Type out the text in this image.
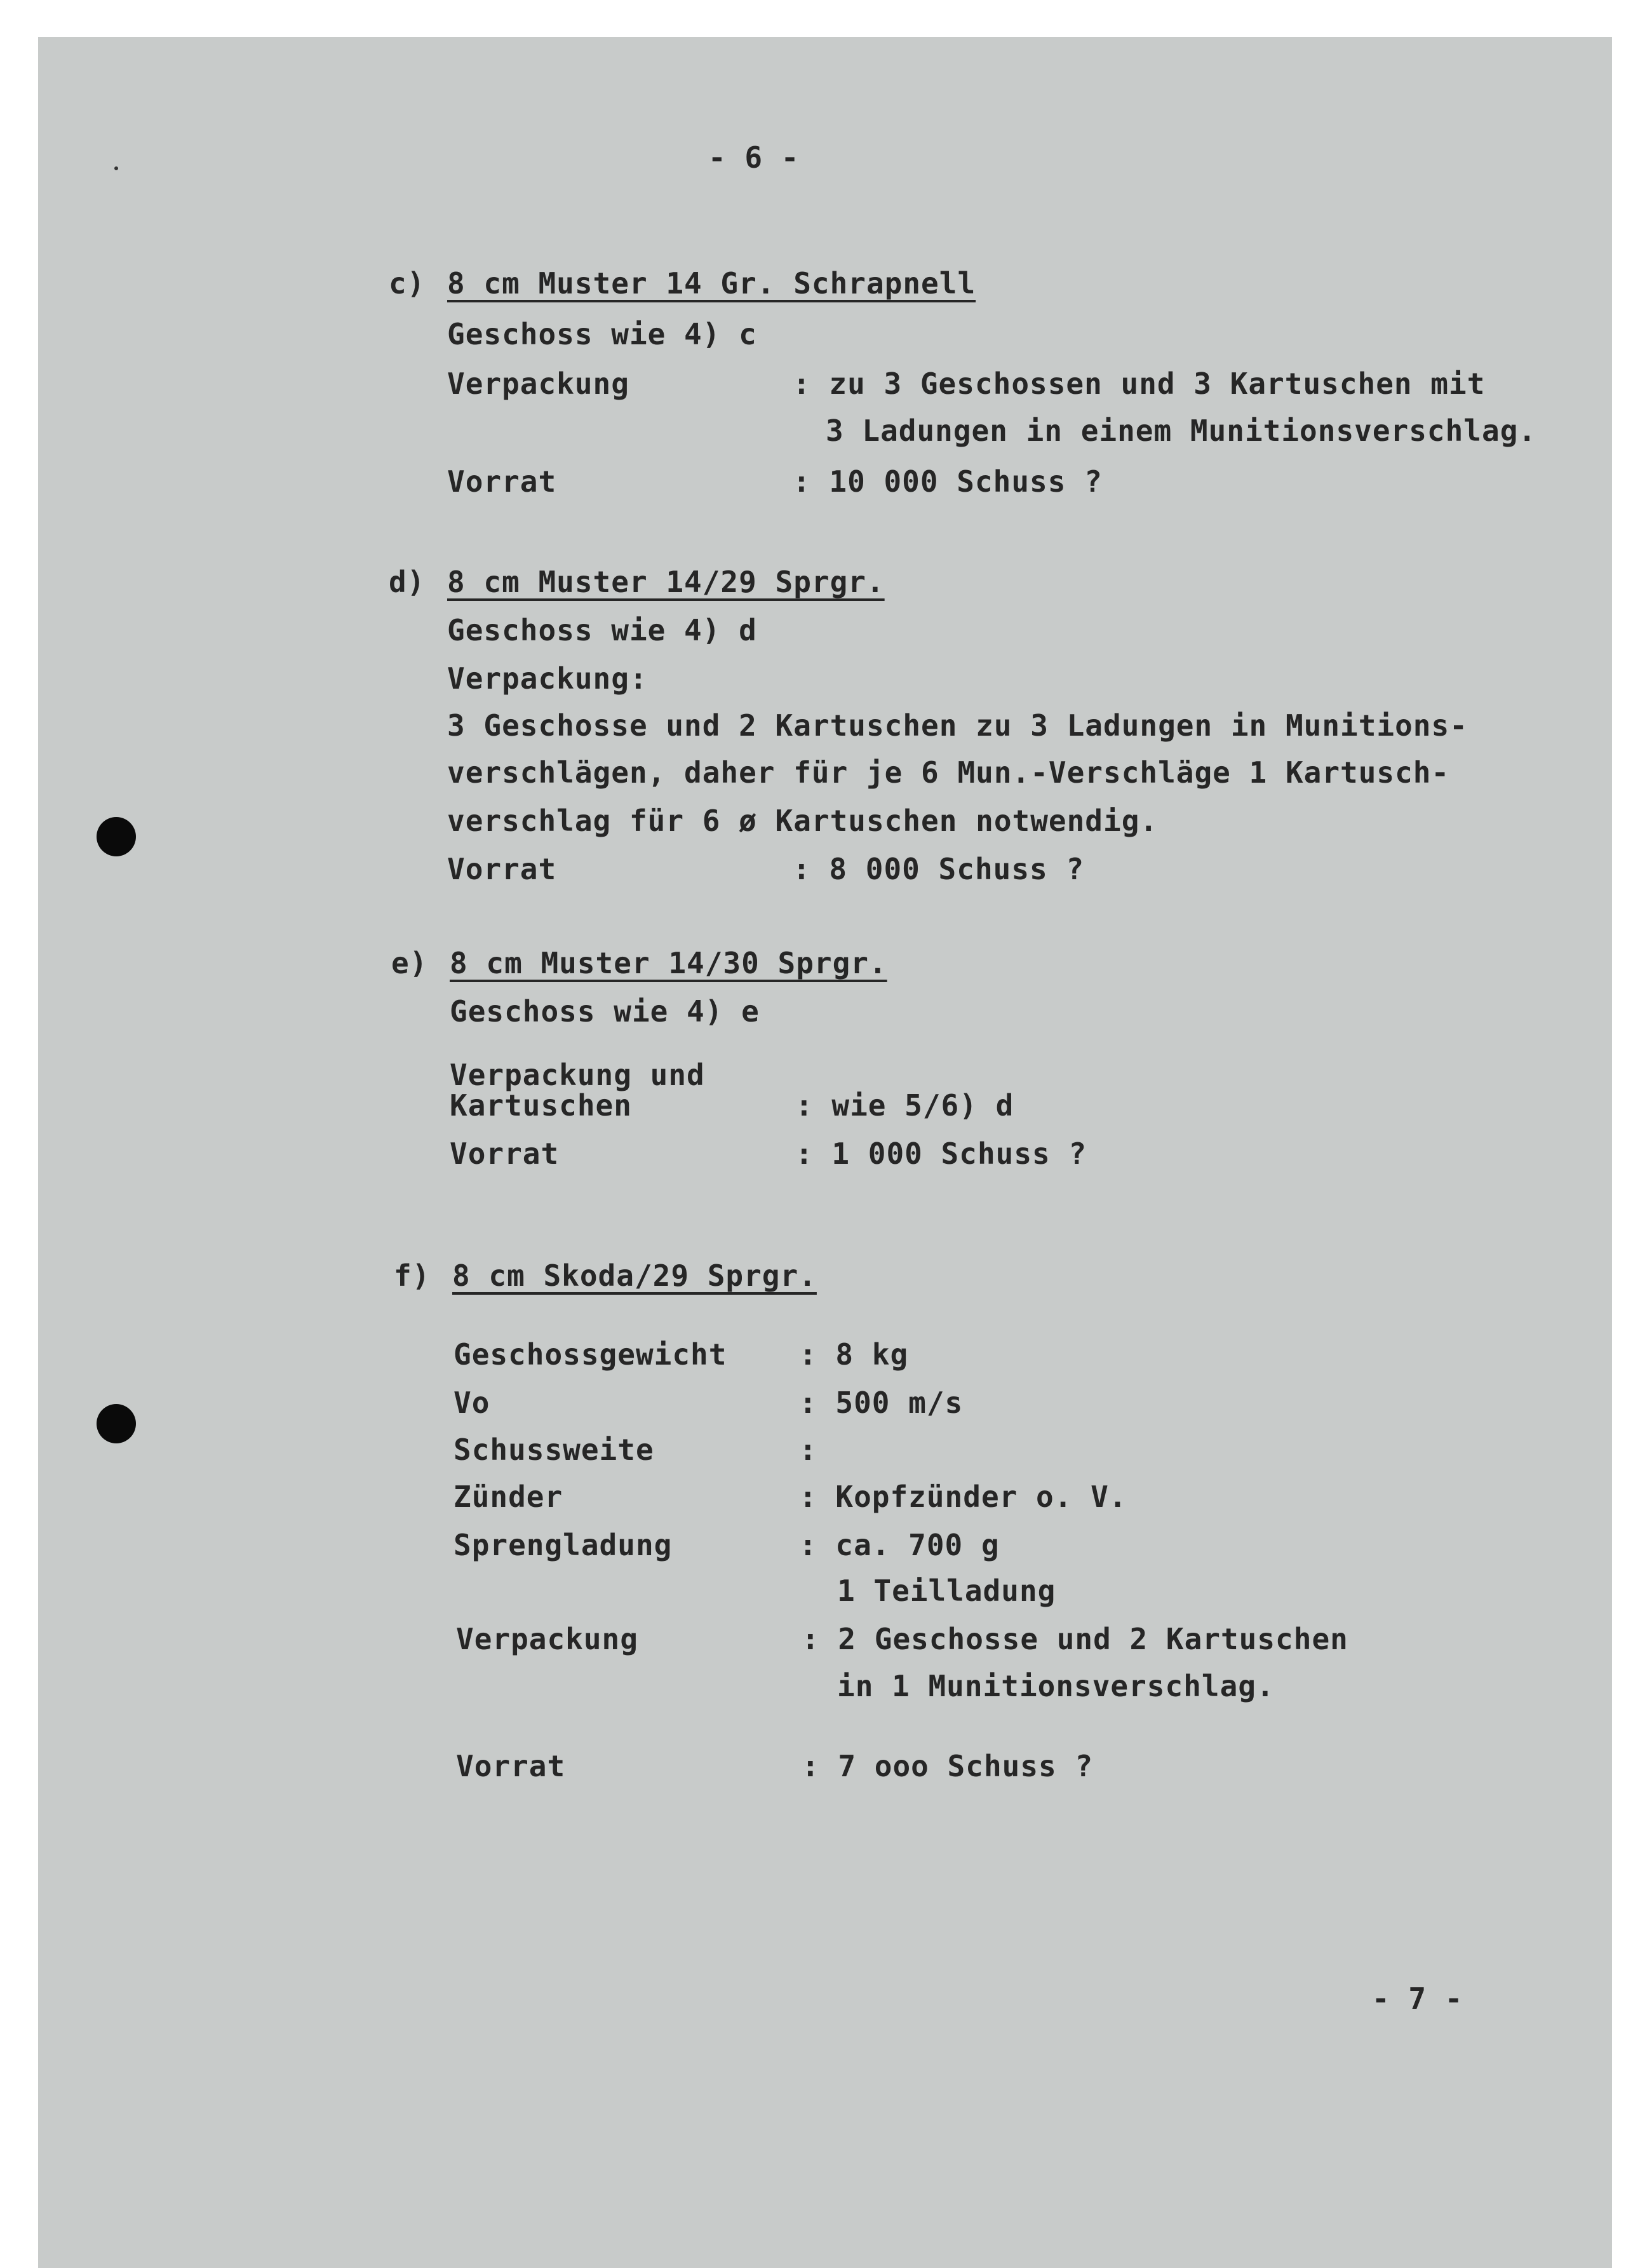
- 6 -
c) 8 cm Muster 14 Gr. Schrapnell
Geschoss wie 4) c
Verpackung	: zu 3 Geschossen und 3 Kartuschen mit
3 Ladungen in einem Munitionsverschlag.
Vorrat	: 10 000 Schuss ?
d) 8 cm Muster 14/29 Sprgr.
Geschoss wie 4) d
Verpackung:
3 Geschosse und 2 Kartuschen zu 3 Ladungen in Munitions-
verschlägen, daher für je 6 Mun.-Verschläge 1 Kartusch-
verschlag für 6 ø Kartuschen notwendig.
Vorrat	: 8 000 Schuss ?
e) 8 cm Muster 14/30 Sprgr.
Geschoss wie 4) e
Verpackung und
Kartuschen	: wie 5/6) d
Vorrat	: 1 000 Schuss ?
f) 8 cm Skoda/29 Sprgr.
Geschossgewicht : 8 kg
Vo	: 500 m/s
Schussweite	:
Zünder	: Kopfzünder o. V.
Sprengladung	: ca. 700 g
1 Teilladung
Verpackung	: 2 Geschosse und 2 Kartuschen
in 1 Munitionsverschlag.
Vorrat	: 7 ooo Schuss ?
- 7 -
